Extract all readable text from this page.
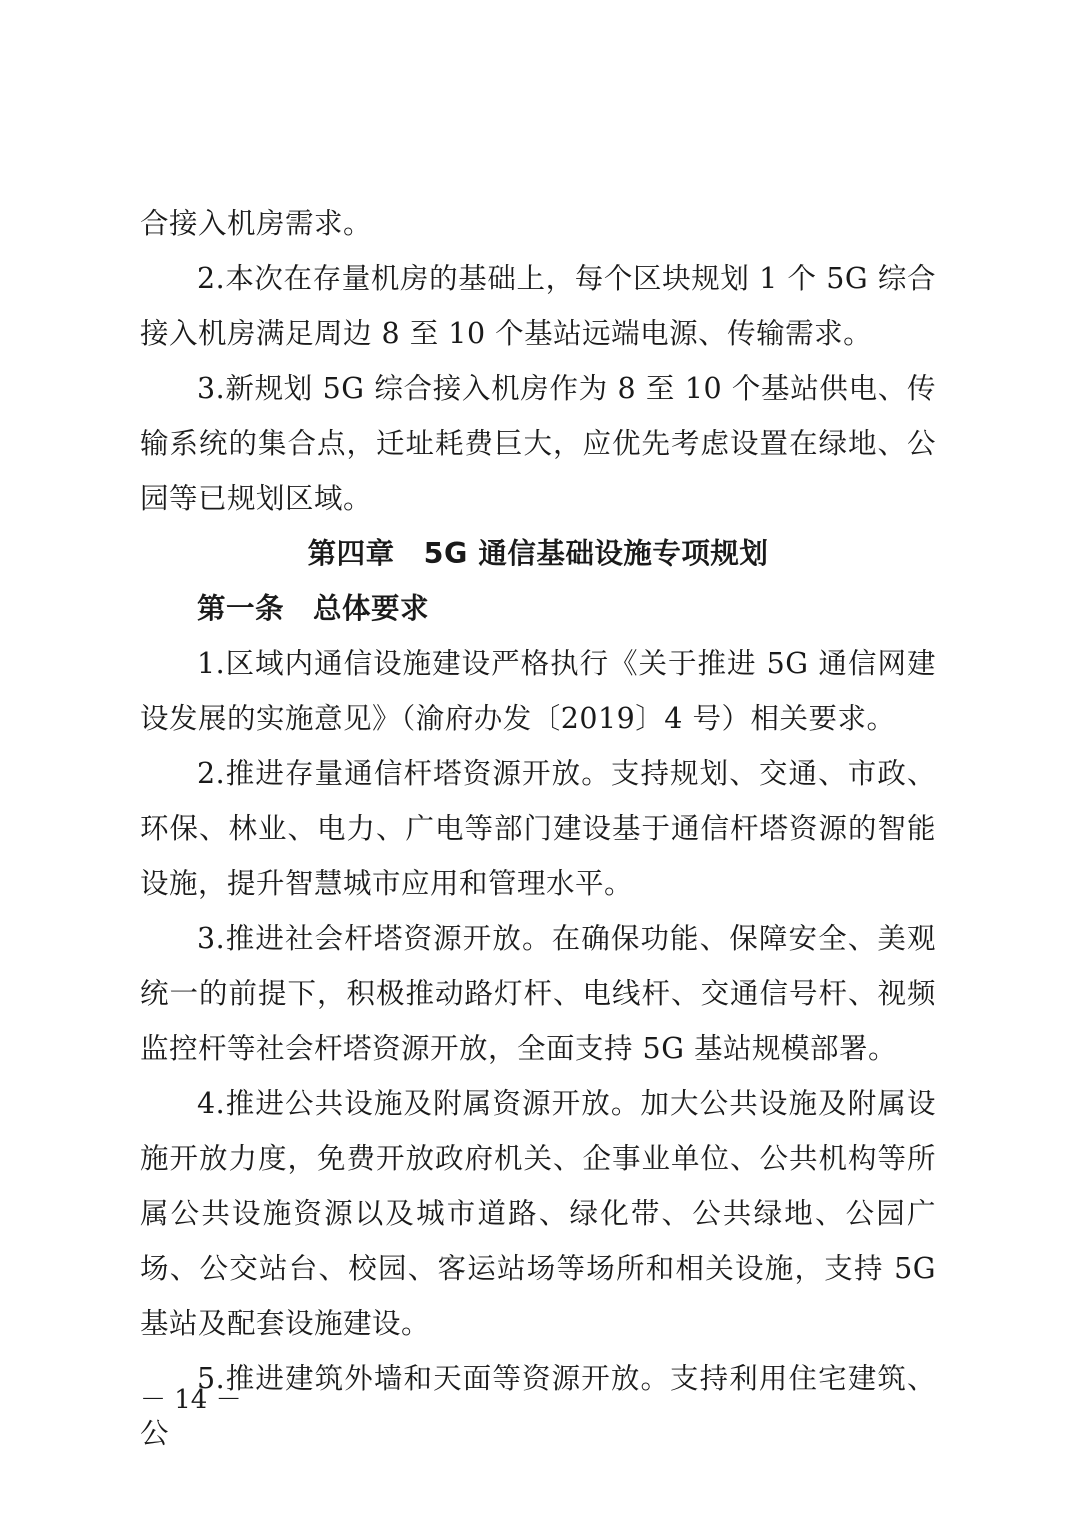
合接入机房需求。

2.本次在存量机房的基础上，每个区块规划 1 个 5G 综合接入机房满足周边 8 至 10 个基站远端电源、传输需求。

3.新规划 5G 综合接入机房作为 8 至 10 个基站供电、传输系统的集合点，迁址耗费巨大，应优先考虑设置在绿地、公园等已规划区域。

第四章　5G 通信基础设施专项规划
第一条　总体要求

1.区域内通信设施建设严格执行《关于推进 5G 通信网建设发展的实施意见》（渝府办发〔2019〕4 号）相关要求。

2.推进存量通信杆塔资源开放。支持规划、交通、市政、环保、林业、电力、广电等部门建设基于通信杆塔资源的智能设施，提升智慧城市应用和管理水平。

3.推进社会杆塔资源开放。在确保功能、保障安全、美观统一的前提下，积极推动路灯杆、电线杆、交通信号杆、视频监控杆等社会杆塔资源开放，全面支持 5G 基站规模部署。

4.推进公共设施及附属资源开放。加大公共设施及附属设施开放力度，免费开放政府机关、企事业单位、公共机构等所属公共设施资源以及城市道路、绿化带、公共绿地、公园广场、公交站台、校园、客运站场等场所和相关设施，支持 5G 基站及配套设施建设。

5.推进建筑外墙和天面等资源开放。支持利用住宅建筑、公

－ 14 －
